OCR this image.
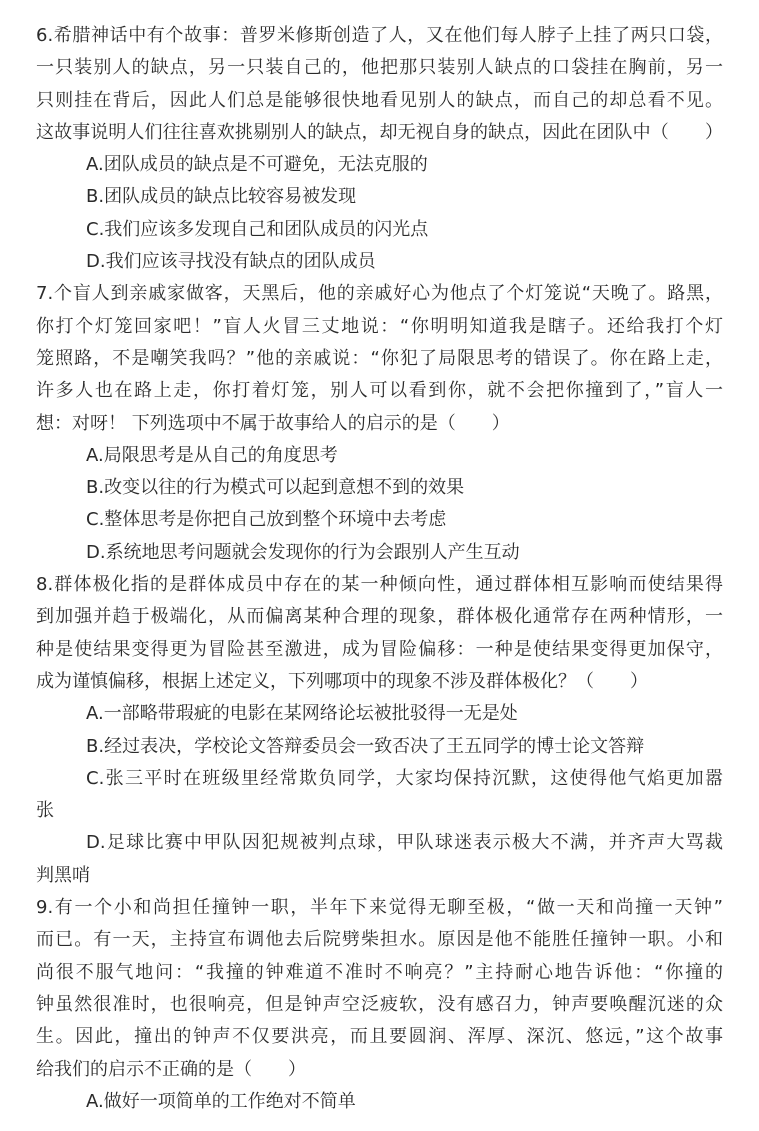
6.希腊神话中有个故事：普罗米修斯创造了人，又在他们每人脖子上挂了两只口袋，
一只装别人的缺点，另一只装自己的，他把那只装别人缺点的口袋挂在胸前，另一
只则挂在背后，因此人们总是能够很快地看见别人的缺点，而自己的却总看不见。
这故事说明人们往往喜欢挑剔别人的缺点，却无视自身的缺点，因此在团队中（　　）
A.团队成员的缺点是不可避免，无法克服的
B.团队成员的缺点比较容易被发现
C.我们应该多发现自己和团队成员的闪光点
D.我们应该寻找没有缺点的团队成员
7.个盲人到亲戚家做客，天黑后，他的亲戚好心为他点了个灯笼说“天晚了。路黑，
你打个灯笼回家吧！”盲人火冒三丈地说：“你明明知道我是瞎子。还给我打个灯
笼照路，不是嘲笑我吗？”他的亲戚说：“你犯了局限思考的错误了。你在路上走，
许多人也在路上走，你打着灯笼，别人可以看到你，就不会把你撞到了，”盲人一
想：对呀！ 下列选项中不属于故事给人的启示的是（　　）
A.局限思考是从自己的角度思考
B.改变以往的行为模式可以起到意想不到的效果
C.整体思考是你把自己放到整个环境中去考虑
D.系统地思考问题就会发现你的行为会跟别人产生互动
8.群体极化指的是群体成员中存在的某一种倾向性，通过群体相互影响而使结果得
到加强并趋于极端化，从而偏离某种合理的现象，群体极化通常存在两种情形，一
种是使结果变得更为冒险甚至激进，成为冒险偏移：一种是使结果变得更加保守，
成为谨慎偏移，根据上述定义，下列哪项中的现象不涉及群体极化？（　　）
A.一部略带瑕疵的电影在某网络论坛被批驳得一无是处
B.经过表决，学校论文答辩委员会一致否决了王五同学的博士论文答辩
C.张三平时在班级里经常欺负同学，大家均保持沉默，这使得他气焰更加嚣
张
D.足球比赛中甲队因犯规被判点球，甲队球迷表示极大不满，并齐声大骂裁
判黑哨
9.有一个小和尚担任撞钟一职，半年下来觉得无聊至极，“做一天和尚撞一天钟”
而已。有一天，主持宣布调他去后院劈柴担水。原因是他不能胜任撞钟一职。小和
尚很不服气地问：“我撞的钟难道不准时不响亮？”主持耐心地告诉他：“你撞的
钟虽然很准时，也很响亮，但是钟声空泛疲软，没有感召力，钟声要唤醒沉迷的众
生。因此，撞出的钟声不仅要洪亮，而且要圆润、浑厚、深沉、悠远，”这个故事
给我们的启示不正确的是（　　）
A.做好一项简单的工作绝对不简单
